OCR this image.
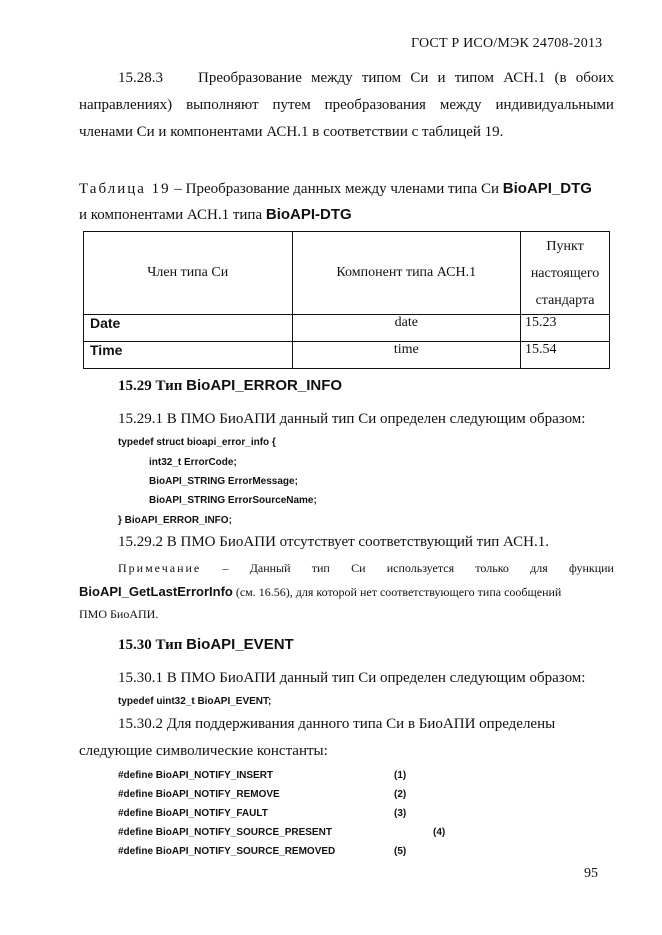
ГОСТ Р ИСО/МЭК 24708-2013
15.28.3 Преобразование между типом Си и типом АСН.1 (в обоих
направлениях) выполняют путем преобразования между индивидуальными
членами Си и компонентами АСН.1 в соответствии с таблицей 19.
Таблица 19 – Преобразование данных между членами типа Си BioAPI_DTG
и компонентами АСН.1 типа BioAPI-DTG
Член типа Си	Компонент типа АСН.1	Пункт
настоящего
стандарта

Date	date	15.23
Time	time	15.54
15.29 Тип BioAPI_ERROR_INFO
15.29.1 В ПМО БиоАПИ данный тип Си определен следующим образом:
typedef struct bioapi_error_info {
int32_t ErrorCode;
BioAPI_STRING ErrorMessage;
BioAPI_STRING ErrorSourceName;
} BioAPI_ERROR_INFO;
15.29.2 В ПМО БиоАПИ отсутствует соответствующий тип АСН.1.
Примечание – Данный тип Си используется только для функции
BioAPI_GetLastErrorInfo (см. 16.56), для которой нет соответствующего типа сообщений
ПМО БиоАПИ.
15.30 Тип BioAPI_EVENT
15.30.1 В ПМО БиоАПИ данный тип Си определен следующим образом:
typedef uint32_t BioAPI_EVENT;
15.30.2 Для поддерживания данного типа Си в БиоАПИ определены
следующие символические константы:
#define BioAPI_NOTIFY_INSERT	(1)
#define BioAPI_NOTIFY_REMOVE	(2)
#define BioAPI_NOTIFY_FAULT	(3)
#define BioAPI_NOTIFY_SOURCE_PRESENT	(4)
#define BioAPI_NOTIFY_SOURCE_REMOVED	(5)
95
